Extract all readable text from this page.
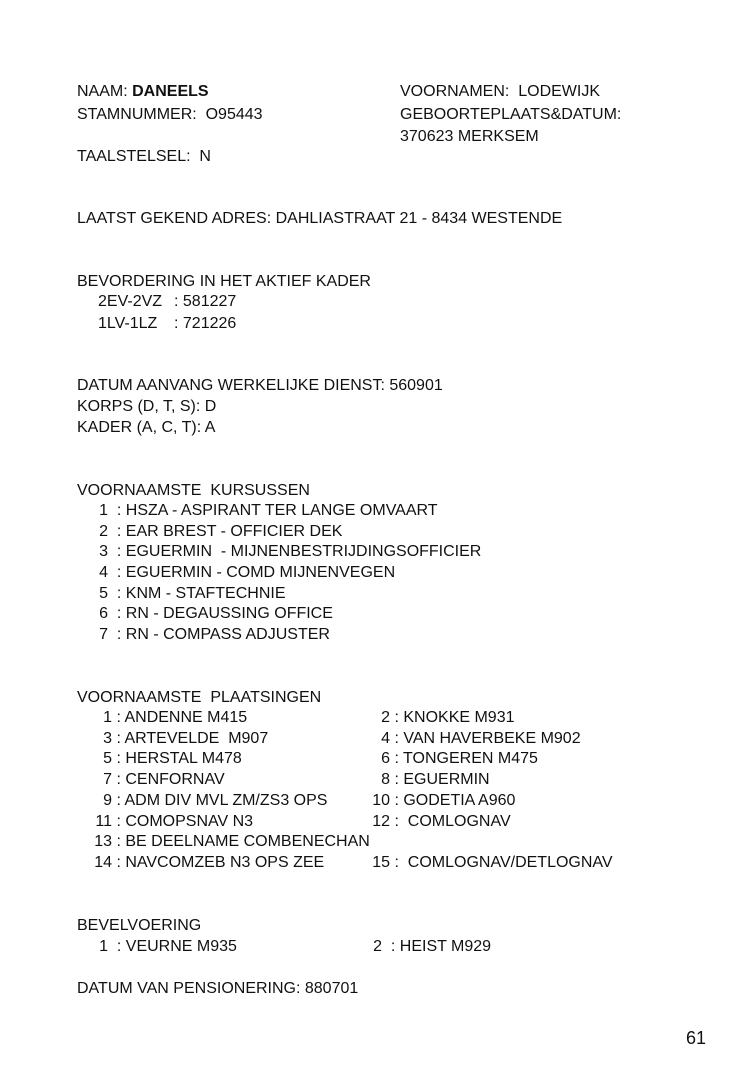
NAAM: DANEELS
STAMNUMMER: O95443
TAALSTELSEL: N
VOORNAMEN: LODEWIJK
GEBOORTEPLAATS&DATUM:
370623 MERKSEM
LAATST GEKEND ADRES: DAHLIASTRAAT 21 - 8434 WESTENDE
BEVORDERING IN HET AKTIEF KADER
2EV-2VZ : 581227
1LV-1LZ : 721226
DATUM AANVANG WERKELIJKE DIENST: 560901
KORPS (D, T, S): D
KADER (A, C, T): A
VOORNAAMSTE  KURSUSSEN
1 : HSZA - ASPIRANT TER LANGE OMVAART
2 : EAR BREST - OFFICIER DEK
3 : EGUERMIN  - MIJNENBESTRIJDINGSOFFICIER
4 : EGUERMIN - COMD MIJNENVEGEN
5 : KNM - STAFTECHNIE
6 : RN - DEGAUSSING OFFICE
7 : RN - COMPASS ADJUSTER
VOORNAAMSTE  PLAATSINGEN
1 : ANDENNE M415	2 : KNOKKE M931
3 : ARTEVELDE  M907	4 : VAN HAVERBEKE M902
5 : HERSTAL M478	6 : TONGEREN M475
7 : CENFORNAV	8 : EGUERMIN
9 : ADM DIV MVL ZM/ZS3 OPS	10 : GODETIA A960
11 : COMOPSNAV N3	12 :  COMLOGNAV
13 : BE DEELNAME COMBENECHAN
14 : NAVCOMZEB N3 OPS ZEE	15 :  COMLOGNAV/DETLOGNAV
BEVELVOERING
1 : VEURNE M935	2 : HEIST M929
DATUM VAN PENSIONERING: 880701
61
